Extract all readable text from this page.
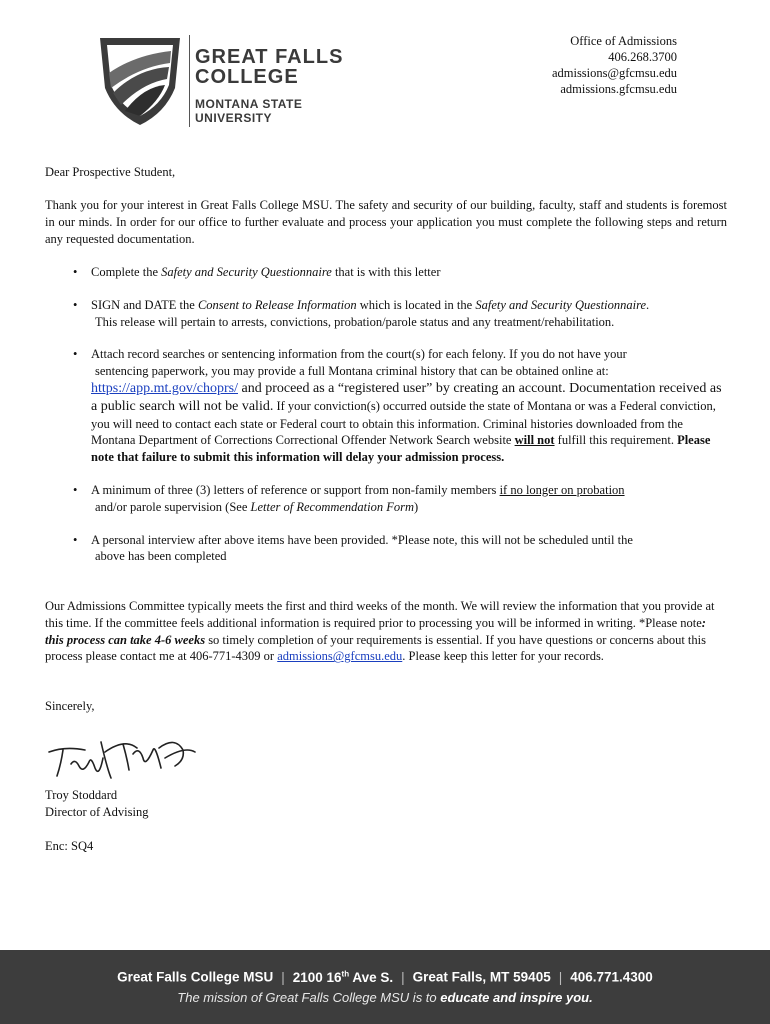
GREAT FALLS
COLLEGE
MONTANA STATE
UNIVERSITY
Office of Admissions
406.268.3700
admissions@gfcmsu.edu
admissions.gfcmsu.edu
Dear Prospective Student,
Thank you for your interest in Great Falls College MSU. The safety and security of our building, faculty, staff and students is foremost in our minds. In order for our office to further evaluate and process your application you must complete the following steps and return any requested documentation.
• Complete the Safety and Security Questionnaire that is with this letter
• SIGN and DATE the Consent to Release Information which is located in the Safety and Security Questionnaire.
This release will pertain to arrests, convictions, probation/parole status and any treatment/rehabilitation.
• Attach record searches or sentencing information from the court(s) for each felony. If you do not have your
sentencing paperwork, you may provide a full Montana criminal history that can be obtained online at:
https://app.mt.gov/choprs/ and proceed as a “registered user” by creating an account. Documentation received as a public search will not be valid. If your conviction(s) occurred outside the state of Montana or was a Federal conviction, you will need to contact each state or Federal court to obtain this information. Criminal histories downloaded from the Montana Department of Corrections Correctional Offender Network Search website will not fulfill this requirement. Please note that failure to submit this information will delay your admission process.
• A minimum of three (3) letters of reference or support from non-family members if no longer on probation
and/or parole supervision (See Letter of Recommendation Form)
• A personal interview after above items have been provided. *Please note, this will not be scheduled until the
above has been completed
Our Admissions Committee typically meets the first and third weeks of the month. We will review the information that you provide at this time. If the committee feels additional information is required prior to processing you will be informed in writing. *Please note: this process can take 4-6 weeks so timely completion of your requirements is essential. If you have questions or concerns about this process please contact me at 406-771-4309 or admissions@gfcmsu.edu. Please keep this letter for your records.
Sincerely,
Troy Stoddard
Director of Advising
Enc: SQ4
Great Falls College MSU | 2100 16th Ave S. | Great Falls, MT 59405 | 406.771.4300
The mission of Great Falls College MSU is to educate and inspire you.
